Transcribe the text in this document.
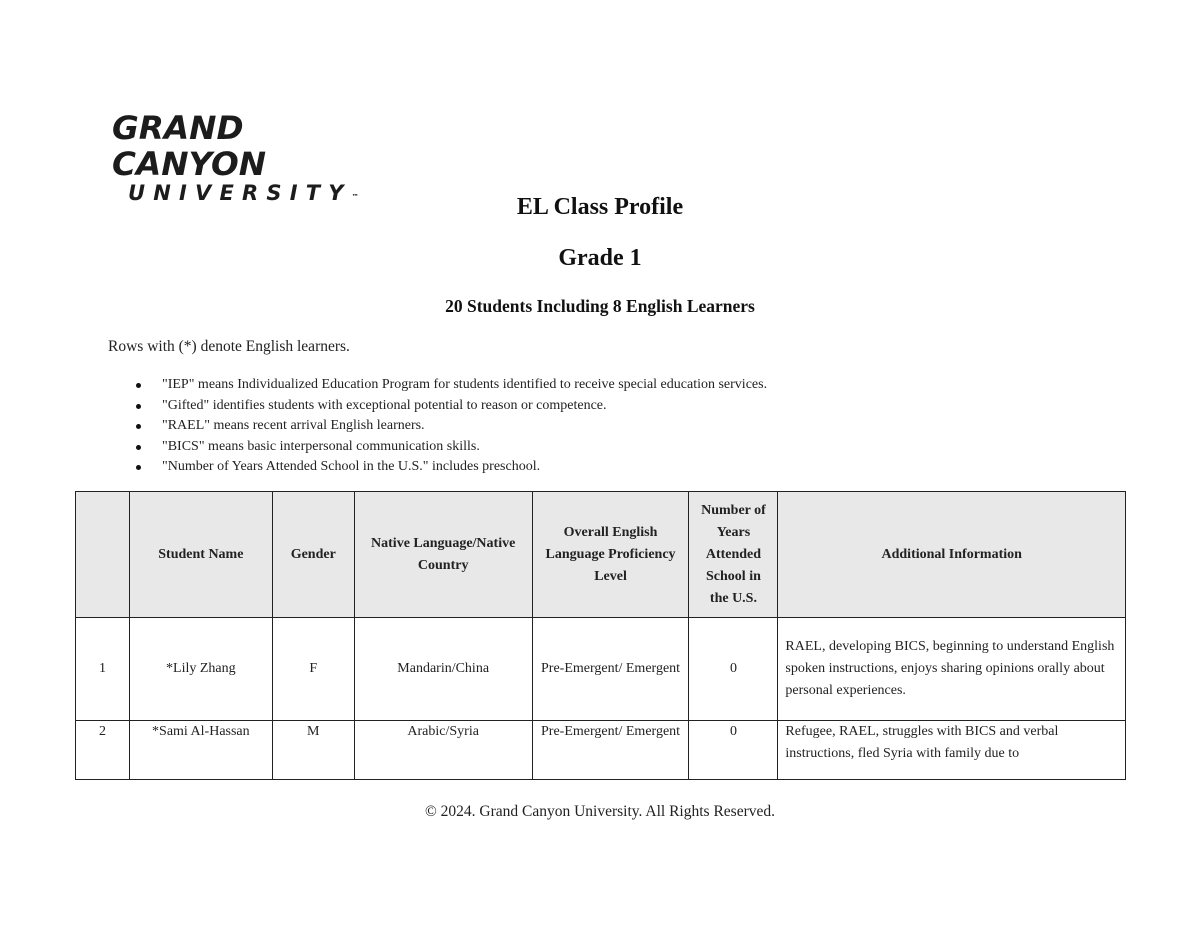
GRAND CANYON
UNIVERSITY™	EL Class Profile
Grade 1
20 Students Including 8 English Learners

Rows with (*) denote English learners.

"IEP" means Individualized Education Program for students identified to receive special education services.
"Gifted" identifies students with exceptional potential to reason or competence.
"RAEL" means recent arrival English learners.
"BICS" means basic interpersonal communication skills.
"Number of Years Attended School in the U.S." includes preschool.
	Student Name	Gender	Native Language/Native Country	Overall English Language Proficiency Level	Number of Years Attended School in the U.S.	Additional Information
1	*Lily Zhang	F	Mandarin/China	Pre-Emergent/ Emergent	0	RAEL, developing BICS, beginning to understand English spoken instructions, enjoys sharing opinions orally about personal experiences.
2	*Sami Al-Hassan	M	Arabic/Syria	Pre-Emergent/ Emergent	0	Refugee, RAEL, struggles with BICS and verbal instructions, fled Syria with family due to

© 2024. Grand Canyon University. All Rights Reserved.
